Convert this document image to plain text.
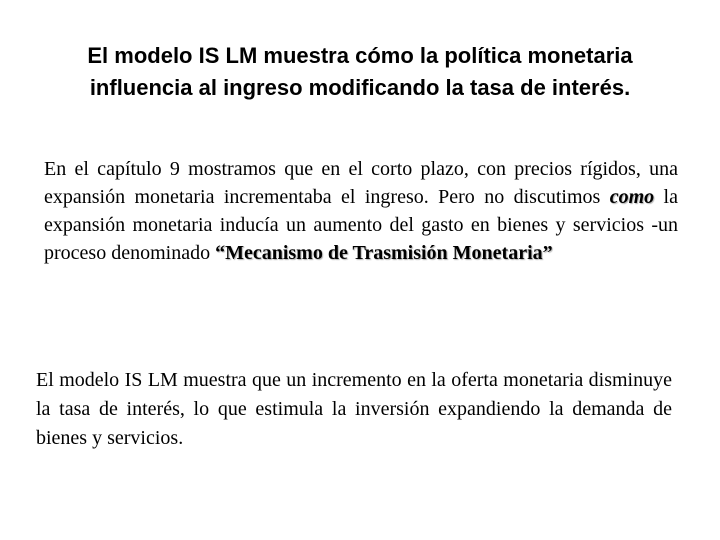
El modelo IS LM muestra cómo la política monetaria
influencia al ingreso modificando la tasa de interés.

En el capítulo 9 mostramos que en el corto plazo, con precios rígidos, una expansión monetaria incrementaba el ingreso. Pero no discutimos como la expansión monetaria inducía un aumento del gasto en bienes y servicios -un proceso denominado “Mecanismo de Trasmisión Monetaria”

El modelo IS LM muestra que un incremento en la oferta monetaria disminuye la tasa de interés, lo que estimula la inversión expandiendo la demanda de bienes y servicios.
